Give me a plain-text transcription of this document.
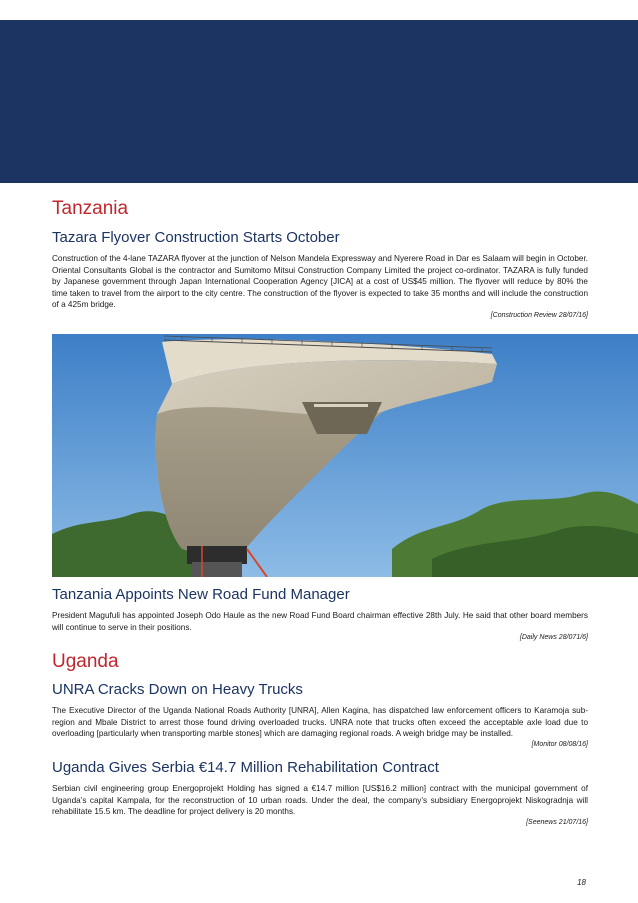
Tanzania
Tazara Flyover Construction Starts October

Construction of the 4-lane TAZARA flyover at the junction of Nelson Mandela Expressway and Nyerere Road in Dar es Salaam will begin in October. Oriental Consultants Global is the contractor and Sumitomo Mitsui Construction Company Limited the project co-ordinator. TAZARA is fully funded by Japanese government through Japan International Cooperation Agency [JICA] at a cost of US$45 million. The flyover will reduce by 80% the time taken to travel from the airport to the city centre. The construction of the flyover is expected to take 35 months and will include the construction of a 425m bridge.

[Construction Review 28/07/16]

Tanzania Appoints New Road Fund Manager

President Magufuli has appointed Joseph Odo Haule as the new Road Fund Board chairman effective 28th July. He said that other board members will continue to serve in their positions.

[Daily News 28/071/6]

Uganda
UNRA Cracks Down on Heavy Trucks

The Executive Director of the Uganda National Roads Authority [UNRA], Allen Kagina, has dispatched law enforcement officers to Karamoja sub-region and Mbale District to arrest those found driving overloaded trucks. UNRA note that trucks often exceed the acceptable axle load due to overloading [particularly when transporting marble stones] which are damaging regional roads. A weigh bridge may be installed.

[Monitor 08/08/16]

Uganda Gives Serbia €14.7 Million Rehabilitation Contract

Serbian civil engineering group Energoprojekt Holding has signed a €14.7 million [US$16.2 million] contract with the municipal government of Uganda’s capital Kampala, for the reconstruction of 10 urban roads. Under the deal, the company’s subsidiary Energoprojekt Niskogradnja will rehabilitate 15.5 km. The deadline for project delivery is 20 months.

[Seenews 21/07/16]

18
